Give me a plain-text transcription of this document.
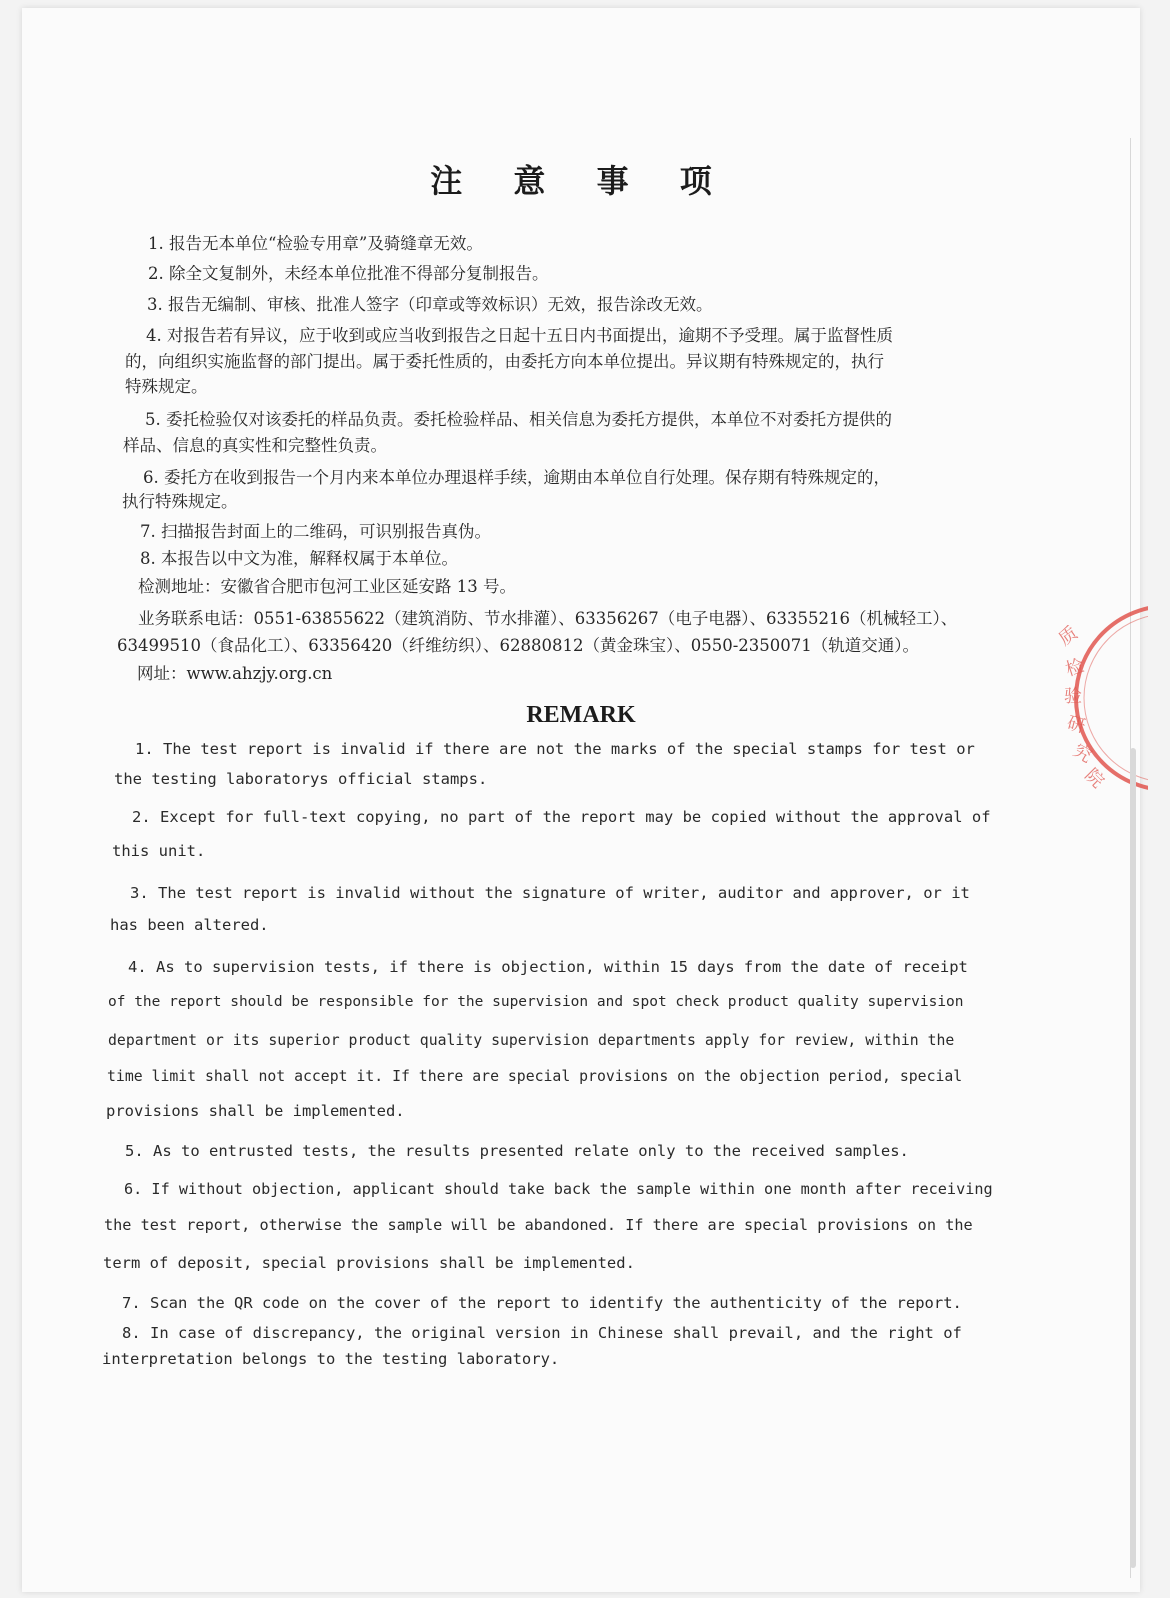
注 意 事 项
1. 报告无本单位“检验专用章”及骑缝章无效。
2. 除全文复制外，未经本单位批准不得部分复制报告。
3. 报告无编制、审核、批准人签字（印章或等效标识）无效，报告涂改无效。
4. 对报告若有异议，应于收到或应当收到报告之日起十五日内书面提出，逾期不予受理。属于监督性质
的，向组织实施监督的部门提出。属于委托性质的，由委托方向本单位提出。异议期有特殊规定的，执行
特殊规定。
5. 委托检验仅对该委托的样品负责。委托检验样品、相关信息为委托方提供，本单位不对委托方提供的
样品、信息的真实性和完整性负责。
6. 委托方在收到报告一个月内来本单位办理退样手续，逾期由本单位自行处理。保存期有特殊规定的，
执行特殊规定。
7. 扫描报告封面上的二维码，可识别报告真伪。
8. 本报告以中文为准，解释权属于本单位。
检测地址：安徽省合肥市包河工业区延安路 13 号。
业务联系电话：0551-63855622（建筑消防、节水排灌）、63356267（电子电器）、63355216（机械轻工）、
63499510（食品化工）、63356420（纤维纺织）、62880812（黄金珠宝）、0550-2350071（轨道交通）。
网址：www.ahzjy.org.cn
REMARK
1. The test report is invalid if there are not the marks of the special stamps for test or
the testing laboratorys official stamps.
2. Except for full-text copying, no part of the report may be copied without the approval of
this unit.
3. The test report is invalid without the signature of writer, auditor and approver, or it
has been altered.
4. As to supervision tests, if there is objection, within 15 days from the date of receipt
of the report should be responsible for the supervision and spot check product quality supervision
department or its superior product quality supervision departments apply for review, within the
time limit shall not accept it. If there are special provisions on the objection period, special
provisions shall be implemented.
5. As to entrusted tests, the results presented relate only to the received samples.
6. If without objection, applicant should take back the sample within one month after receiving
the test report, otherwise the sample will be abandoned. If there are special provisions on the
term of deposit, special provisions shall be implemented.
7. Scan the QR code on the cover of the report to identify the authenticity of the report.
8. In case of discrepancy, the original version in Chinese shall prevail, and the right of
interpretation belongs to the testing laboratory.
质
检
验
研
究
院
